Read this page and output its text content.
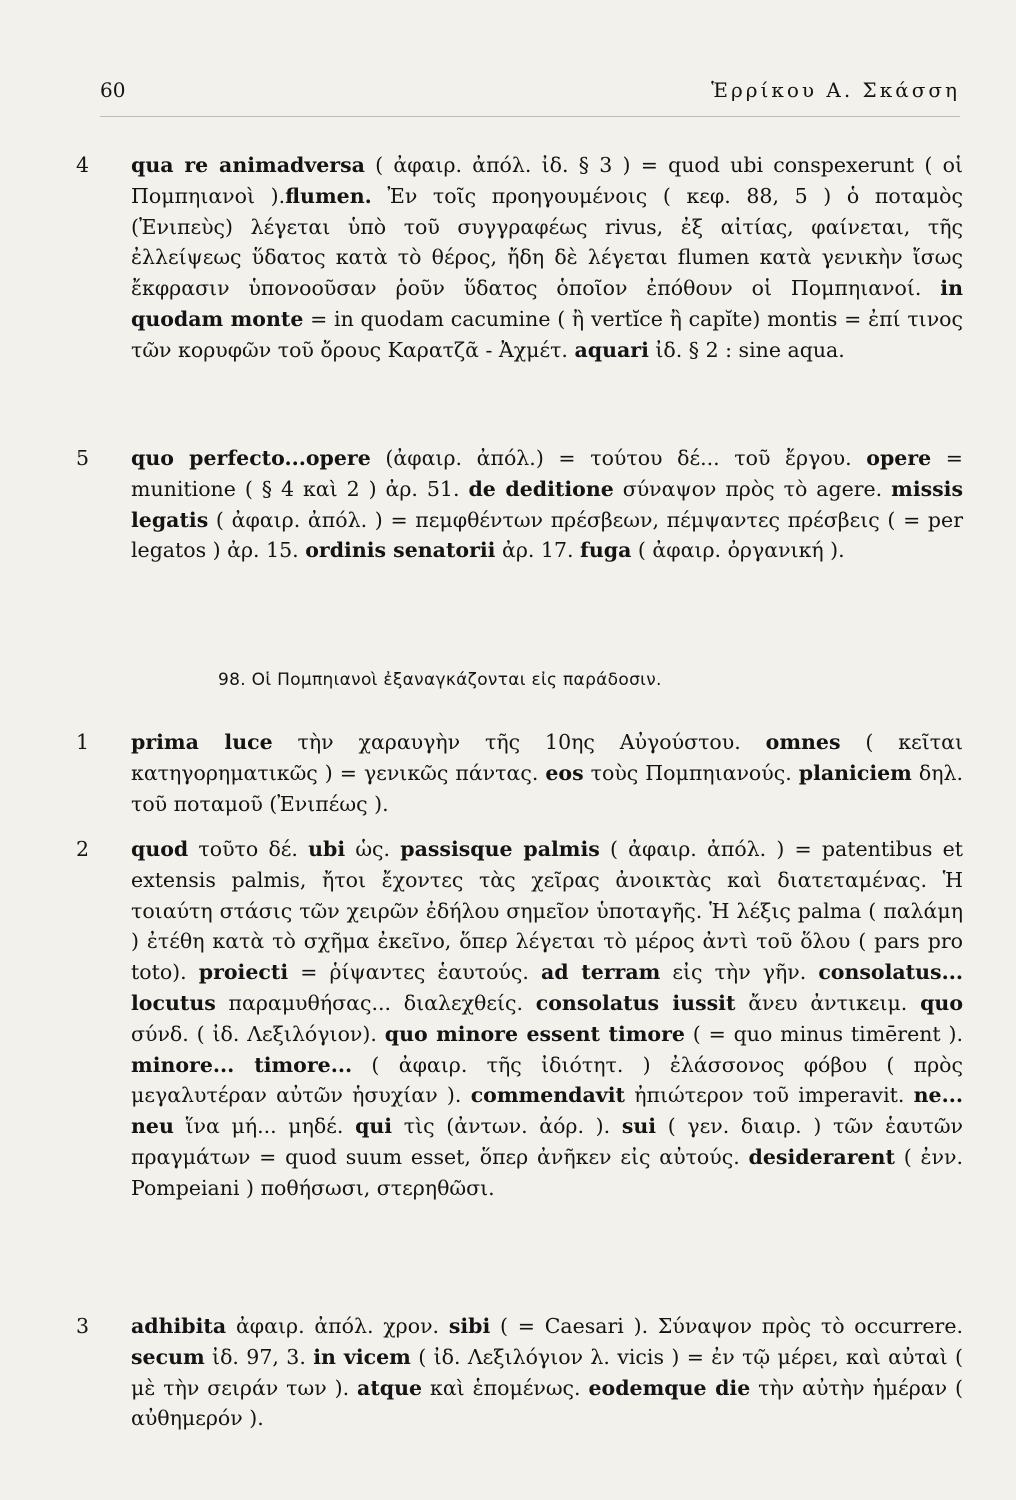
60	Ἑρρίκου Α. Σκάσση
4 qua re animadversa ( ἀφαιρ. ἀπόλ. ἰδ. § 3 ) = quod ubi conspexerunt ( οἱ Πομπηιανοὶ ).flumen. Ἐν τοῖς προηγουμένοις ( κεφ. 88, 5 ) ὁ ποταμὸς (Ἐνιπεὺς) λέγεται ὑπὸ τοῦ συγγραφέως rivus, ἐξ αἰτίας, φαίνεται, τῆς ἐλλείψεως ὕδατος κατὰ τὸ θέρος, ἤδη δὲ λέγεται flumen κατὰ γενικὴν ἴσως ἔκφρασιν ὑπονοοῦσαν ῥοῦν ὕδατος ὁποῖον ἐπόθουν οἱ Πομπηιανοί. in quodam monte = in quodam cacumine ( ἢ vertĭce ἢ capĭte) montis = ἐπί τινος τῶν κορυφῶν τοῦ ὄρους Καρατζᾶ - Ἀχμέτ. aquari ἰδ. § 2 : sine aqua.

5 quo perfecto...opere (ἀφαιρ. ἀπόλ.) = τούτου δέ... τοῦ ἔργου. opere = munitione ( § 4 καὶ 2 ) ἀρ. 51. de deditione σύναψον πρὸς τὸ agere. missis legatis ( ἀφαιρ. ἀπόλ. ) = πεμφθέντων πρέσβεων, πέμψαντες πρέσβεις ( = per legatos ) ἀρ. 15. ordinis senatorii ἀρ. 17. fuga ( ἀφαιρ. ὀργανική ).

98. Οἱ Πομπηιανοὶ ἐξαναγκάζονται εἰς παράδοσιν.
1 prima luce τὴν χαραυγὴν τῆς 10ης Αὐγούστου. omnes ( κεῖται κατηγορηματικῶς ) = γενικῶς πάντας. eos τοὺς Πομπηιανούς. planiciem δηλ. τοῦ ποταμοῦ (Ἐνιπέως ).

2 quod τοῦτο δέ. ubi ὡς. passisque palmis ( ἀφαιρ. ἀπόλ. ) = patentibus et extensis palmis, ἤτοι ἔχοντες τὰς χεῖρας ἀνοικτὰς καὶ διατεταμένας. Ἡ τοιαύτη στάσις τῶν χειρῶν ἐδήλου σημεῖον ὑποταγῆς. Ἡ λέξις palma ( παλάμη ) ἐτέθη κατὰ τὸ σχῆμα ἐκεῖνο, ὅπερ λέγεται τὸ μέρος ἀντὶ τοῦ ὅλου ( pars pro toto). proiecti = ῥίψαντες ἑαυτούς. ad terram εἰς τὴν γῆν. consolatus... locutus παραμυθήσας... διαλεχθείς. consolatus iussit ἄνευ ἀντικειμ. quo σύνδ. ( ἰδ. Λεξιλόγιον). quo minore essent timore ( = quo minus timērent ). minore... timore... ( ἀφαιρ. τῆς ἰδιότητ. ) ἐλάσσονος φόβου ( πρὸς μεγαλυτέραν αὐτῶν ἡσυχίαν ). commendavit ἠπιώτερον τοῦ imperavit. ne... neu ἵνα μή... μηδέ. qui τὶς (ἀντων. ἀόρ. ). sui ( γεν. διαιρ. ) τῶν ἑαυτῶν πραγμάτων = quod suum esset, ὅπερ ἀνῆκεν εἰς αὐτούς. desiderarent ( ἐνν. Pompeiani ) ποθήσωσι, στερηθῶσι.

3 adhibita ἀφαιρ. ἀπόλ. χρον. sibi ( = Caesari ). Σύναψον πρὸς τὸ occurrere. secum ἰδ. 97, 3. in vicem ( ἰδ. Λεξιλόγιον λ. vicis ) = ἐν τῷ μέρει, καὶ αὐταὶ ( μὲ τὴν σειράν των ). atque καὶ ἑπομένως. eodemque die τὴν αὐτὴν ἡμέραν ( αὐθημερόν ).
